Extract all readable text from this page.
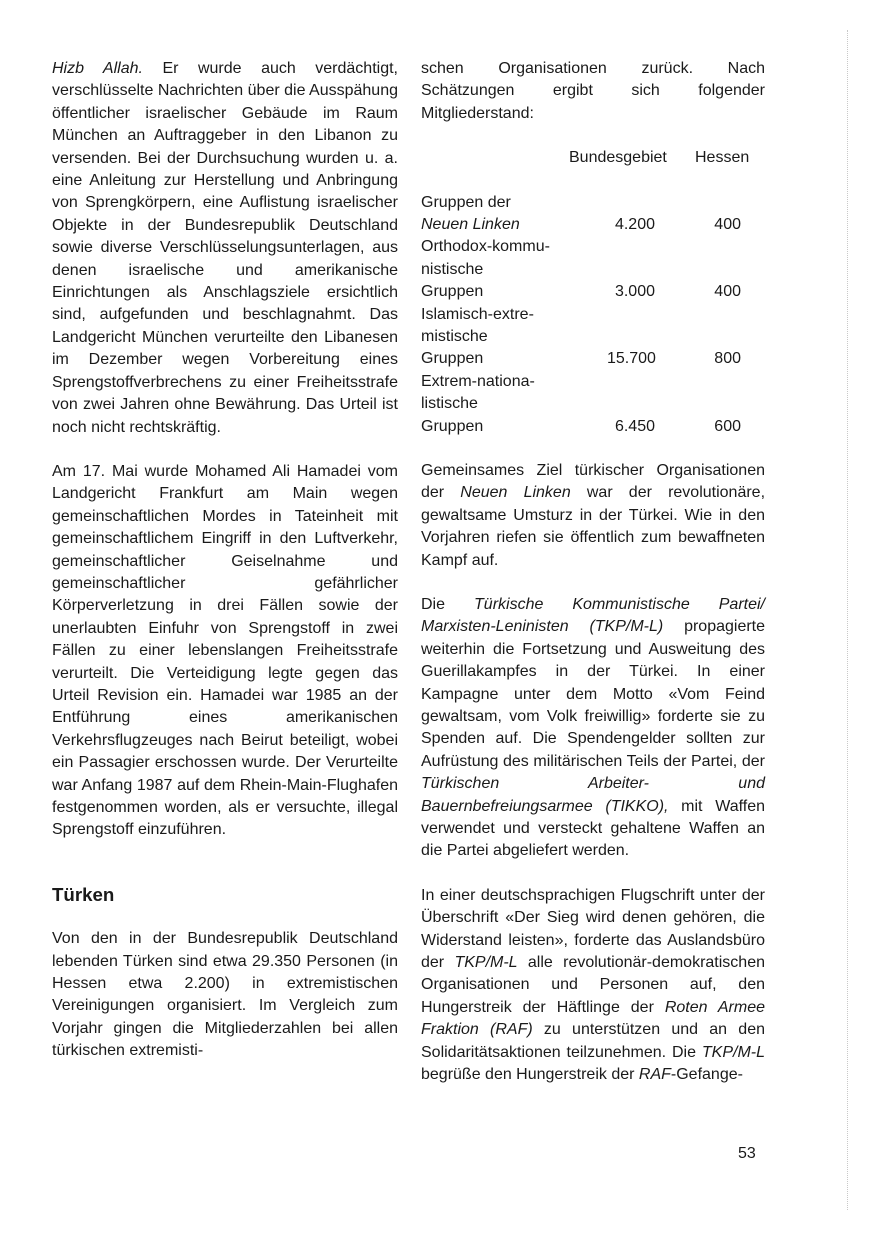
Hizb Allah. Er wurde auch verdächtigt, verschlüsselte Nachrichten über die Ausspähung öffentlicher israelischer Gebäude im Raum München an Auftraggeber in den Libanon zu versenden. Bei der Durchsuchung wurden u. a. eine Anleitung zur Herstellung und Anbringung von Sprengkörpern, eine Auflistung israelischer Objekte in der Bundesrepublik Deutschland sowie diverse Verschlüsselungsunterlagen, aus denen israelische und amerikanische Einrichtungen als Anschlagsziele ersichtlich sind, aufgefunden und beschlagnahmt. Das Landgericht München verurteilte den Libanesen im Dezember wegen Vorbereitung eines Sprengstoffverbrechens zu einer Freiheitsstrafe von zwei Jahren ohne Bewährung. Das Urteil ist noch nicht rechtskräftig.

Am 17. Mai wurde Mohamed Ali Hamadei vom Landgericht Frankfurt am Main wegen gemeinschaftlichen Mordes in Tateinheit mit gemeinschaftlichem Eingriff in den Luftverkehr, gemeinschaftlicher Geiselnahme und gemeinschaftlicher gefährlicher Körperverletzung in drei Fällen sowie der unerlaubten Einfuhr von Sprengstoff in zwei Fällen zu einer lebenslangen Freiheitsstrafe verurteilt. Die Verteidigung legte gegen das Urteil Revision ein. Hamadei war 1985 an der Entführung eines amerikanischen Verkehrsflugzeuges nach Beirut beteiligt, wobei ein Passagier erschossen wurde. Der Verurteilte war Anfang 1987 auf dem Rhein-Main-Flughafen festgenommen worden, als er versuchte, illegal Sprengstoff einzuführen.

Türken

Von den in der Bundesrepublik Deutschland lebenden Türken sind etwa 29.350 Personen (in Hessen etwa 2.200) in extremistischen Vereinigungen organisiert. Im Vergleich zum Vorjahr gingen die Mitgliederzahlen bei allen türkischen extremisti-

schen Organisationen zurück. Nach Schätzungen ergibt sich folgender Mitgliederstand:

Bundesgebiet Hessen
Gruppen der
Neuen Linken	4.200	400
Orthodox-kommu-
nistische
Gruppen	3.000	400
Islamisch-extre-
mistische
Gruppen	15.700	800
Extrem-nationa-
listische
Gruppen	6.450	600

Gemeinsames Ziel türkischer Organisationen der Neuen Linken war der revolutionäre, gewaltsame Umsturz in der Türkei. Wie in den Vorjahren riefen sie öffentlich zum bewaffneten Kampf auf.

Die Türkische Kommunistische Partei/ Marxisten-Leninisten (TKP/M-L) propagierte weiterhin die Fortsetzung und Ausweitung des Guerillakampfes in der Türkei. In einer Kampagne unter dem Motto «Vom Feind gewaltsam, vom Volk freiwillig» forderte sie zu Spenden auf. Die Spendengelder sollten zur Aufrüstung des militärischen Teils der Partei, der Türkischen Arbeiter- und Bauernbefreiungsarmee (TIKKO), mit Waffen verwendet und versteckt gehaltene Waffen an die Partei abgeliefert werden.

In einer deutschsprachigen Flugschrift unter der Überschrift «Der Sieg wird denen gehören, die Widerstand leisten», forderte das Auslandsbüro der TKP/M-L alle revolutionär-demokratischen Organisationen und Personen auf, den Hungerstreik der Häftlinge der Roten Armee Fraktion (RAF) zu unterstützen und an den Solidaritätsaktionen teilzunehmen. Die TKP/M-L begrüße den Hungerstreik der RAF-Gefange-

53
